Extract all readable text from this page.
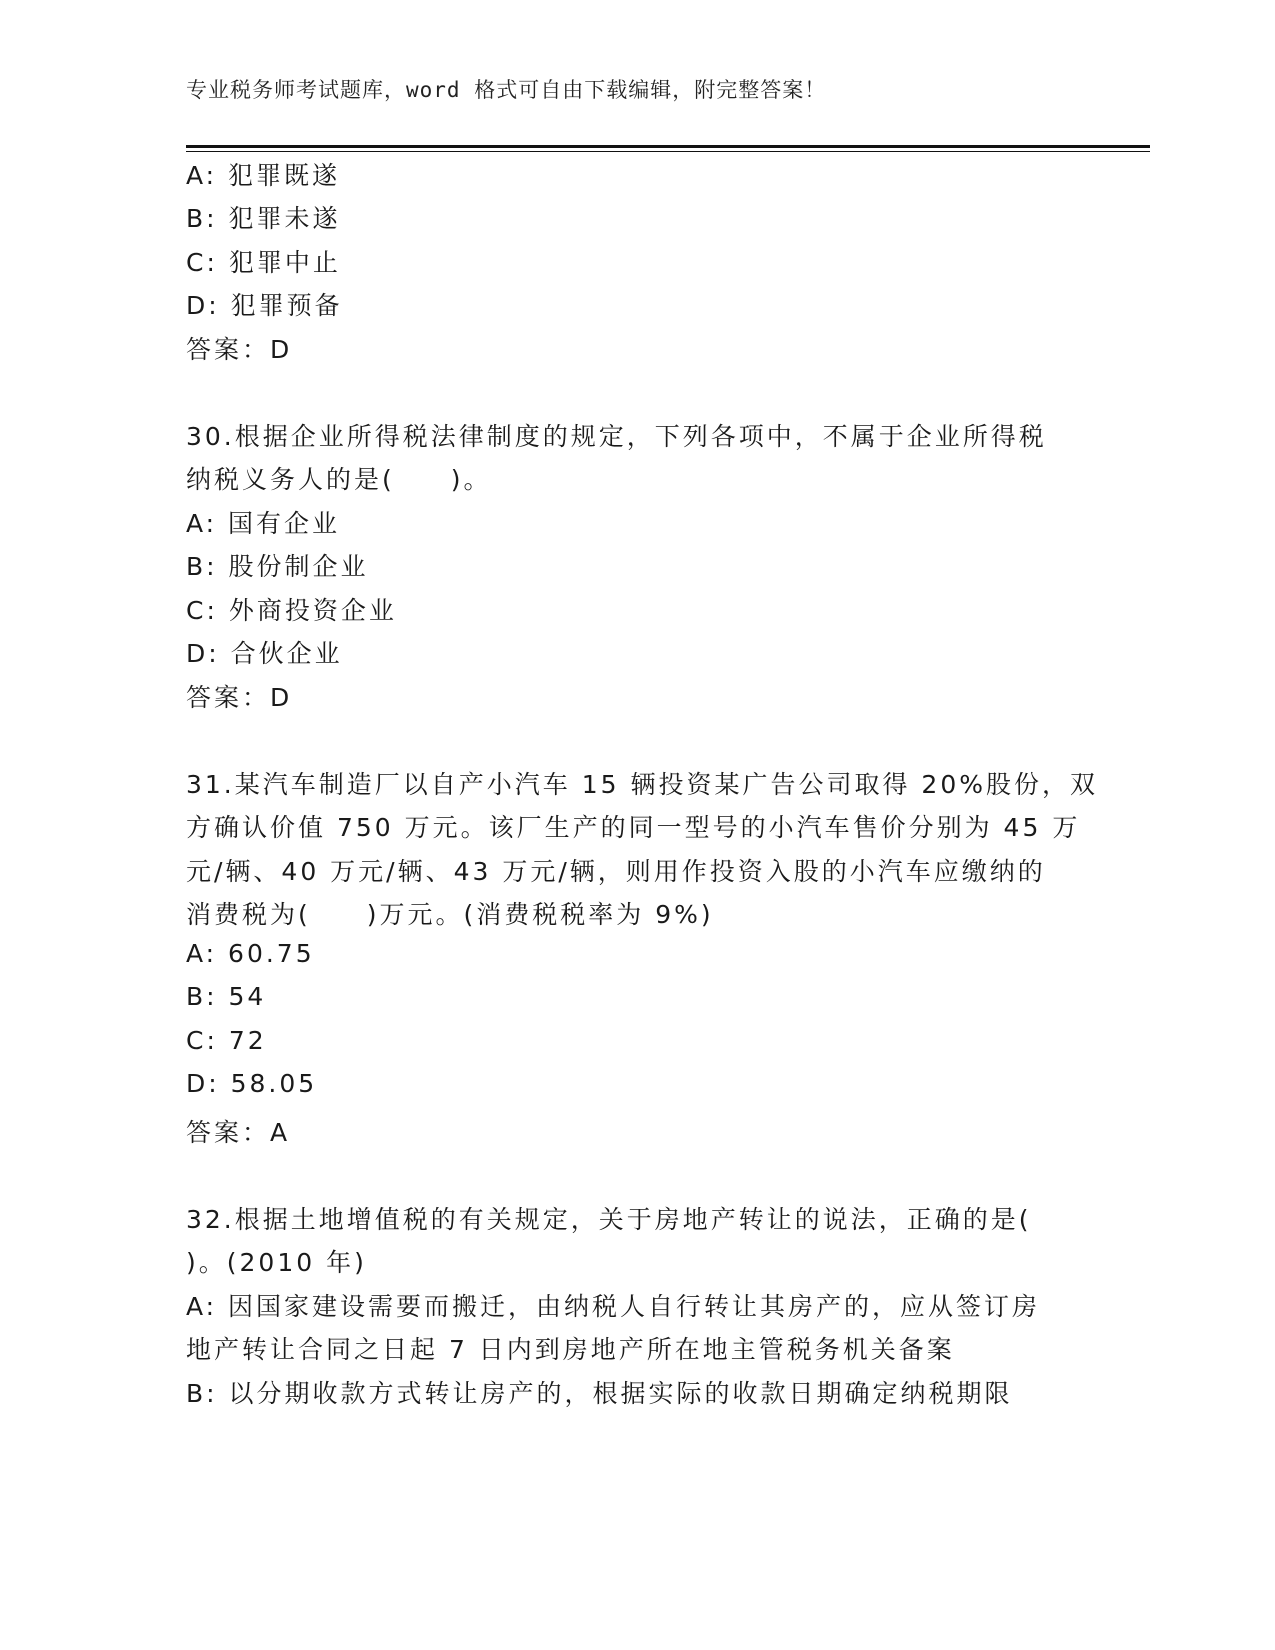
专业税务师考试题库，word 格式可自由下载编辑，附完整答案！
A: 犯罪既遂
B: 犯罪未遂
C: 犯罪中止
D: 犯罪预备
答案：D
30.根据企业所得税法律制度的规定，下列各项中，不属于企业所得税
纳税义务人的是(　　)。
A: 国有企业
B: 股份制企业
C: 外商投资企业
D: 合伙企业
答案：D
31.某汽车制造厂以自产小汽车 15 辆投资某广告公司取得 20%股份，双
方确认价值 750 万元。该厂生产的同一型号的小汽车售价分别为 45 万
元/辆、40 万元/辆、43 万元/辆，则用作投资入股的小汽车应缴纳的
消费税为(　　)万元。(消费税税率为 9%)
A: 60.75
B: 54
C: 72
D: 58.05
答案：A
32.根据土地增值税的有关规定，关于房地产转让的说法，正确的是(
)。(2010 年)
A: 因国家建设需要而搬迁，由纳税人自行转让其房产的，应从签订房
地产转让合同之日起 7 日内到房地产所在地主管税务机关备案
B: 以分期收款方式转让房产的，根据实际的收款日期确定纳税期限
